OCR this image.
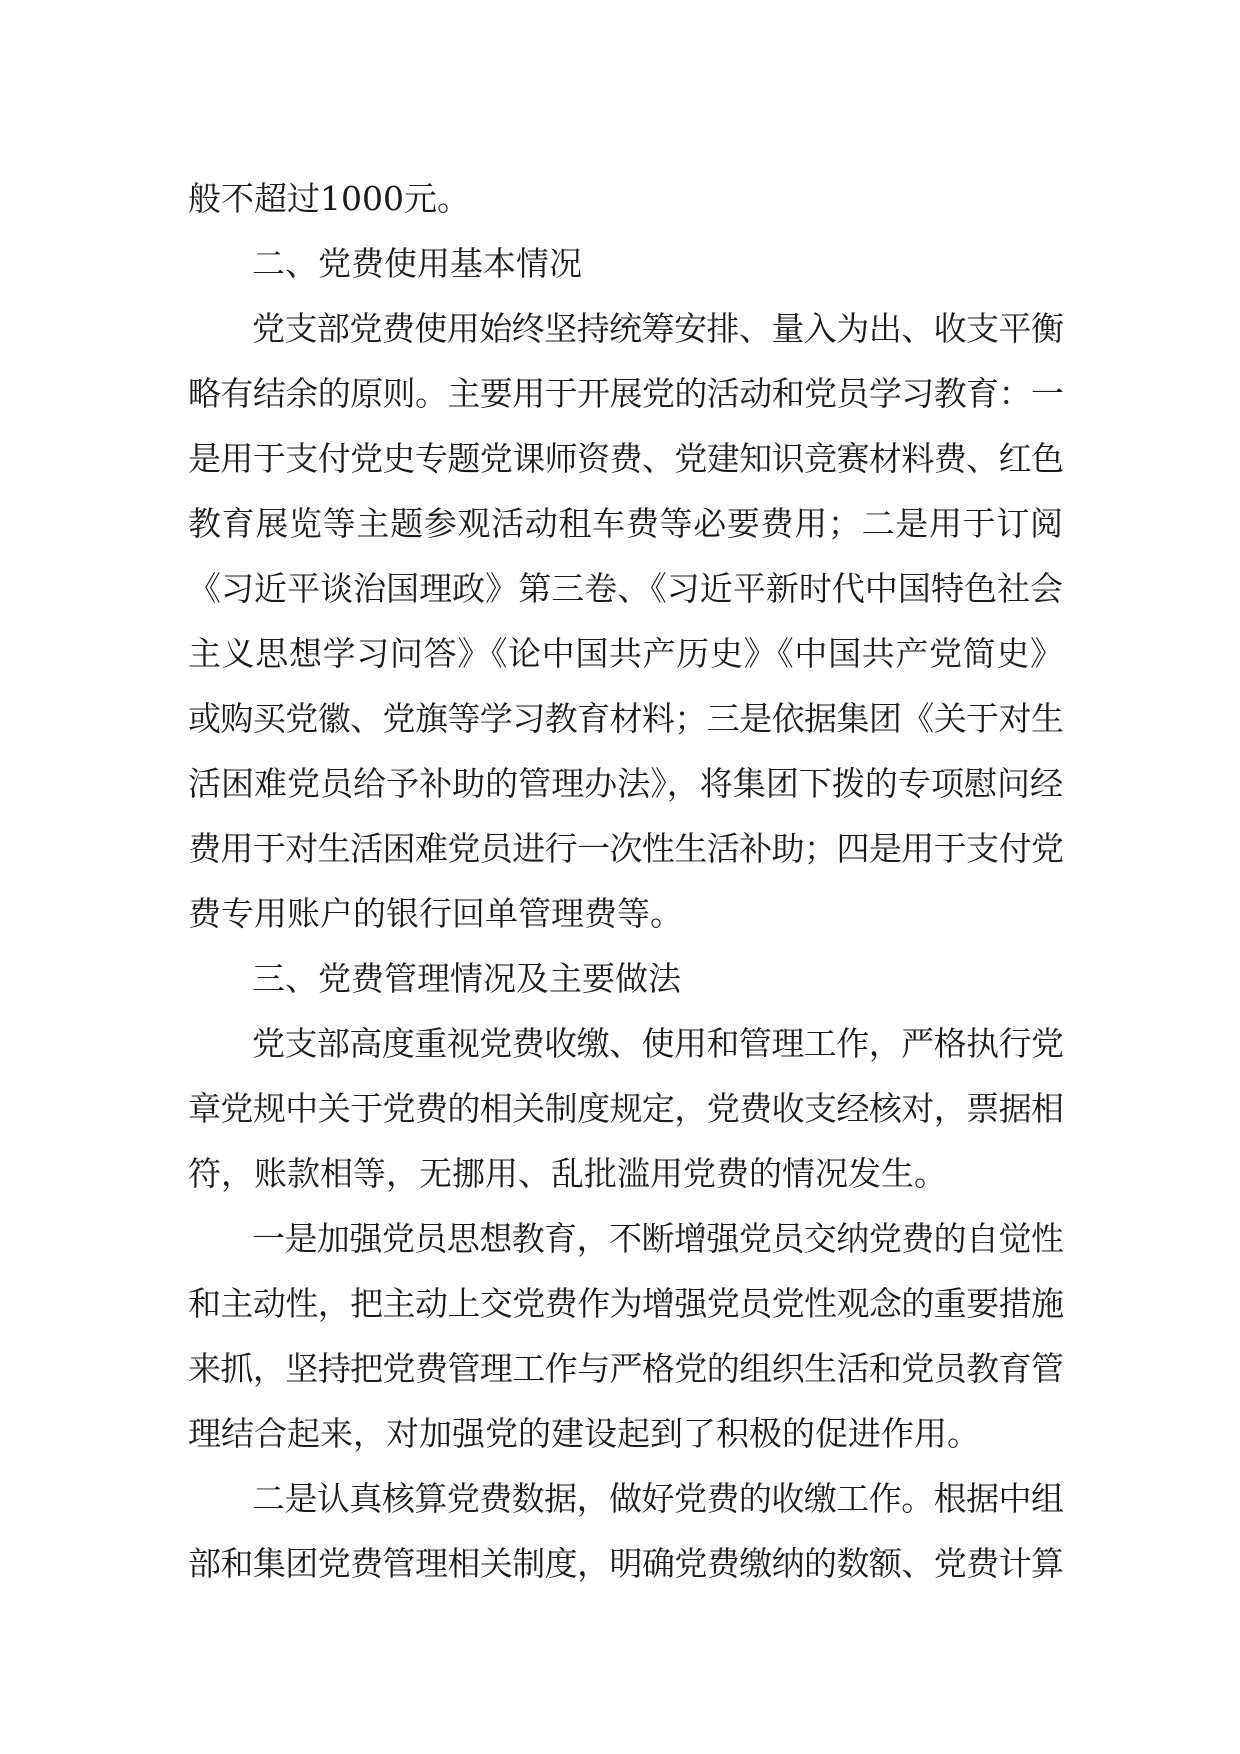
般不超过1000元。
二、党费使用基本情况
党支部党费使用始终坚持统筹安排、量入为出、收支平衡
略有结余的原则。主要用于开展党的活动和党员学习教育：一
是用于支付党史专题党课师资费、党建知识竞赛材料费、红色
教育展览等主题参观活动租车费等必要费用；二是用于订阅
《习近平谈治国理政》第三卷、《习近平新时代中国特色社会
主义思想学习问答》《论中国共产历史》《中国共产党简史》
或购买党徽、党旗等学习教育材料；三是依据集团《关于对生
活困难党员给予补助的管理办法》，将集团下拨的专项慰问经
费用于对生活困难党员进行一次性生活补助；四是用于支付党
费专用账户的银行回单管理费等。
三、党费管理情况及主要做法
党支部高度重视党费收缴、使用和管理工作，严格执行党
章党规中关于党费的相关制度规定，党费收支经核对，票据相
符，账款相等，无挪用、乱批滥用党费的情况发生。
一是加强党员思想教育，不断增强党员交纳党费的自觉性
和主动性，把主动上交党费作为增强党员党性观念的重要措施
来抓，坚持把党费管理工作与严格党的组织生活和党员教育管
理结合起来，对加强党的建设起到了积极的促进作用。
二是认真核算党费数据，做好党费的收缴工作。根据中组
部和集团党费管理相关制度，明确党费缴纳的数额、党费计算
